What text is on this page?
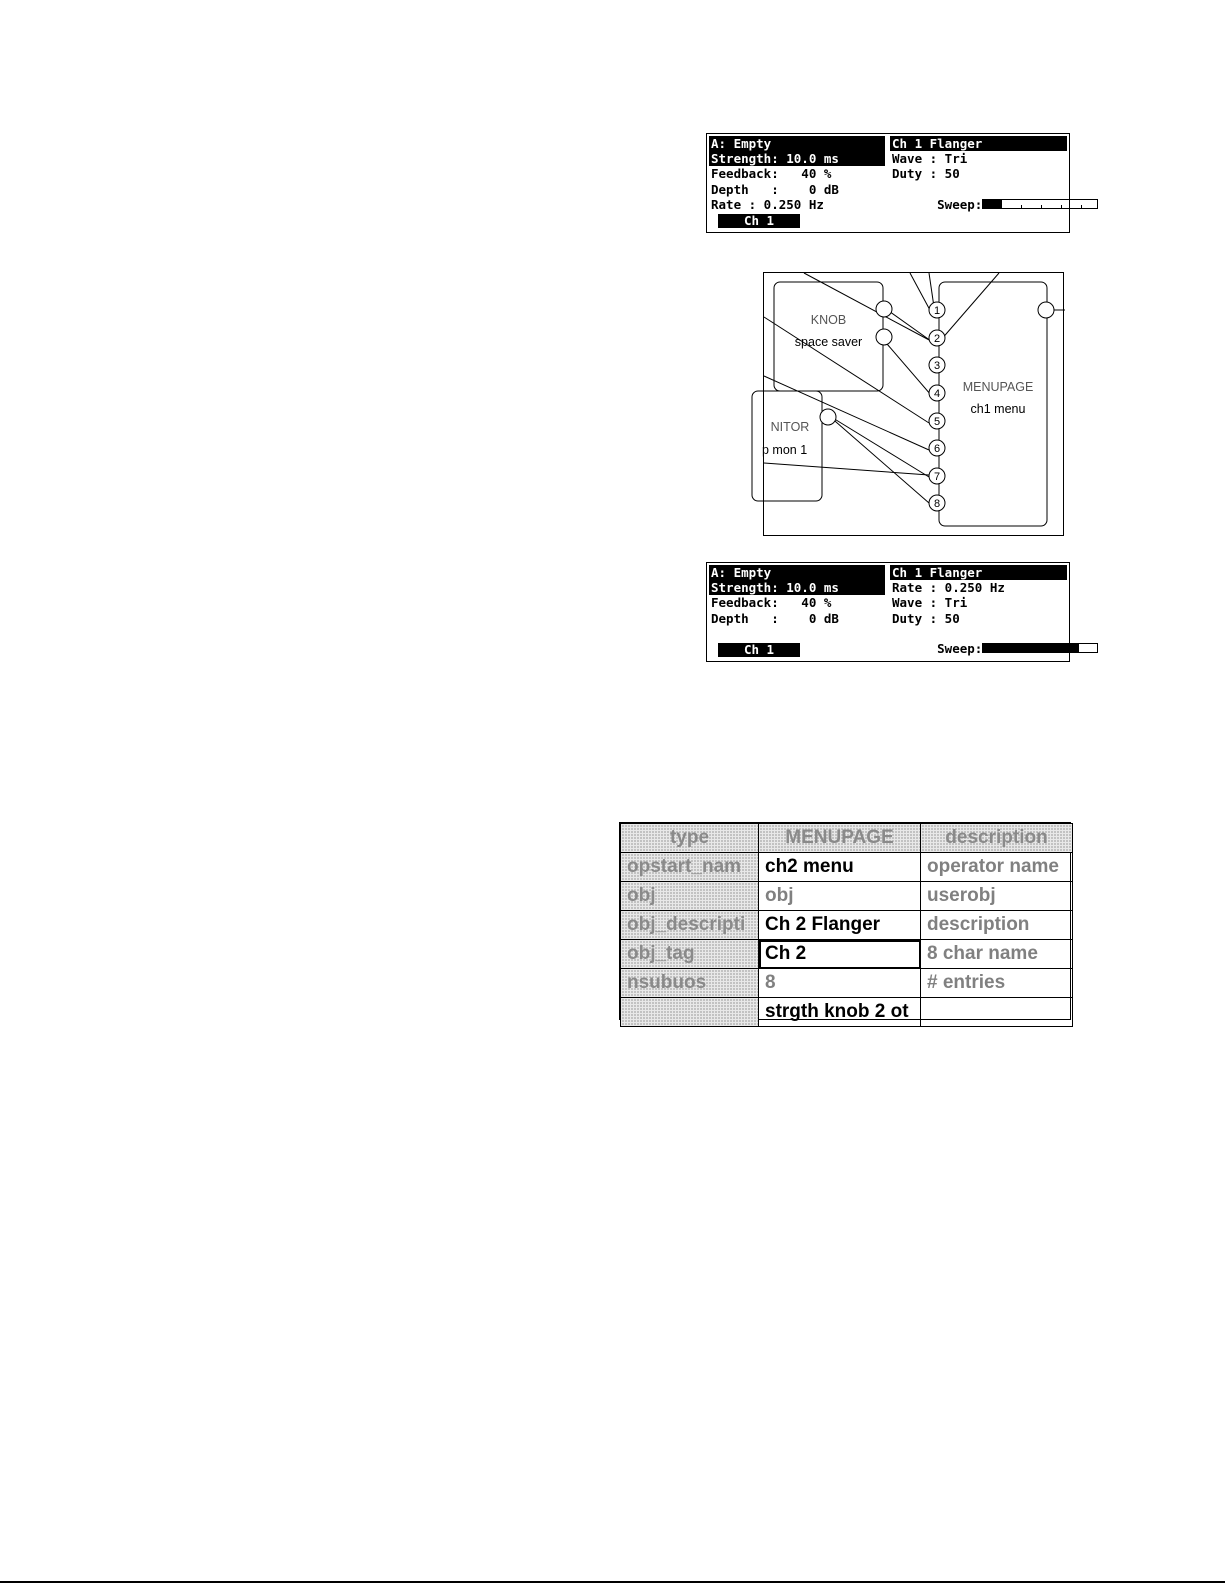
A: Empty
Strength: 10.0 ms
Feedback:   40 %
Depth   :    0 dB
Rate : 0.250 Hz
Ch 1 Flanger
Wave : Tri
Duty : 50

Sweep:

Ch 1
1
2
3
4
5
6
7
8
KNOB
space saver
NITOR
p mon 1
MENUPAGE
ch1 menu
A: Empty
Strength: 10.0 ms
Feedback:   40 %
Depth   :    0 dB
Ch 1 Flanger
Rate : 0.250 Hz
Wave : Tri
Duty : 50

Sweep:

Ch 1
type	MENUPAGE	description
opstart_nam	ch2 menu	operator name
obj	obj	userobj
obj_descripti	Ch 2 Flanger	description
obj_tag	Ch 2	8 char name
nsubuos	8	# entries
	strgth knob 2 ot	
